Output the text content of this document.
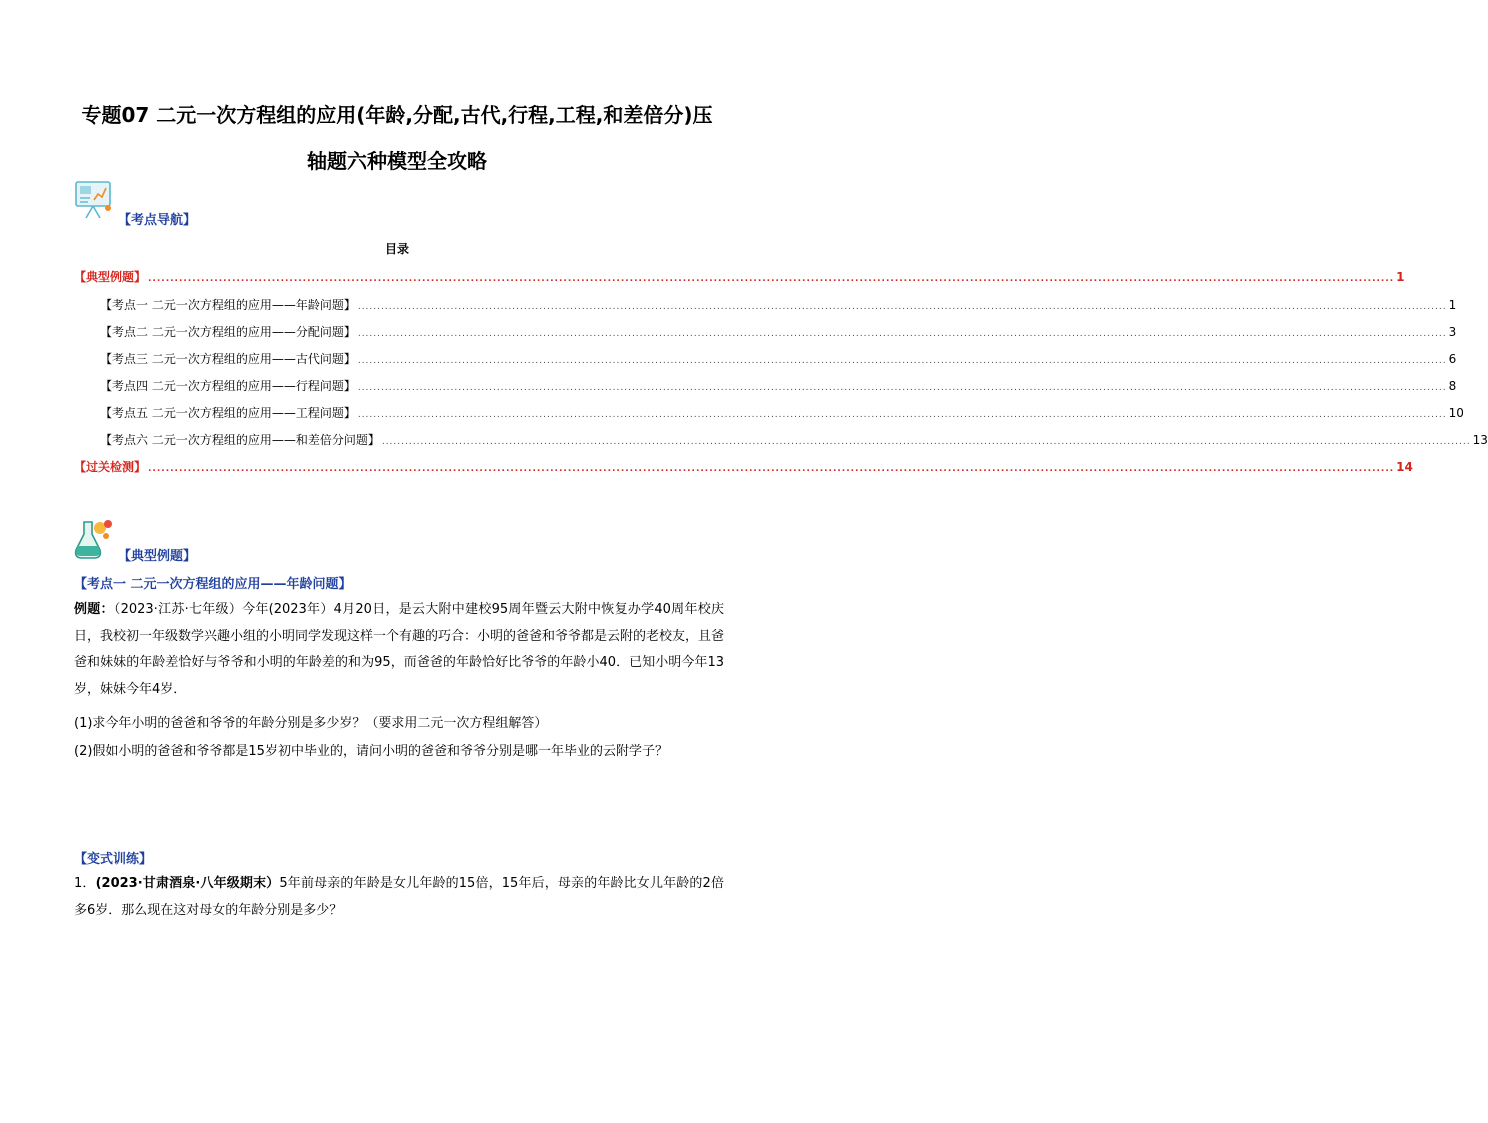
专题07 二元一次方程组的应用(年龄,分配,古代,行程,工程,和差倍分)压
轴题六种模型全攻略
【考点导航】
目录
【典型例题】 .......................................................................................................................................................................................................................................................................................... 1
【考点一 二元一次方程组的应用——年龄问题】 .......................................................................................................................................................................................................................................................................................... 1
【考点二 二元一次方程组的应用——分配问题】 .......................................................................................................................................................................................................................................................................................... 3
【考点三 二元一次方程组的应用——古代问题】 .......................................................................................................................................................................................................................................................................................... 6
【考点四 二元一次方程组的应用——行程问题】 .......................................................................................................................................................................................................................................................................................... 8
【考点五 二元一次方程组的应用——工程问题】 .......................................................................................................................................................................................................................................................................................... 10
【考点六 二元一次方程组的应用——和差倍分问题】 .......................................................................................................................................................................................................................................................................................... 13
【过关检测】 .......................................................................................................................................................................................................................................................................................... 14
【典型例题】
【考点一 二元一次方程组的应用——年龄问题】
例题：（2023·江苏·七年级）今年(2023年）4月20日，是云大附中建校95周年暨云大附中恢复办学40周年校庆日，我校初一年级数学兴趣小组的小明同学发现这样一个有趣的巧合：小明的爸爸和爷爷都是云附的老校友，且爸爸和妹妹的年龄差恰好与爷爷和小明的年龄差的和为95，而爸爸的年龄恰好比爷爷的年龄小40．已知小明今年13岁，妹妹今年4岁．
(1)求今年小明的爸爸和爷爷的年龄分别是多少岁？（要求用二元一次方程组解答）
(2)假如小明的爸爸和爷爷都是15岁初中毕业的，请问小明的爸爸和爷爷分别是哪一年毕业的云附学子？
【变式训练】
1．(2023·甘肃酒泉·八年级期末）5年前母亲的年龄是女儿年龄的15倍，15年后，母亲的年龄比女儿年龄的2倍多6岁．那么现在这对母女的年龄分别是多少？
